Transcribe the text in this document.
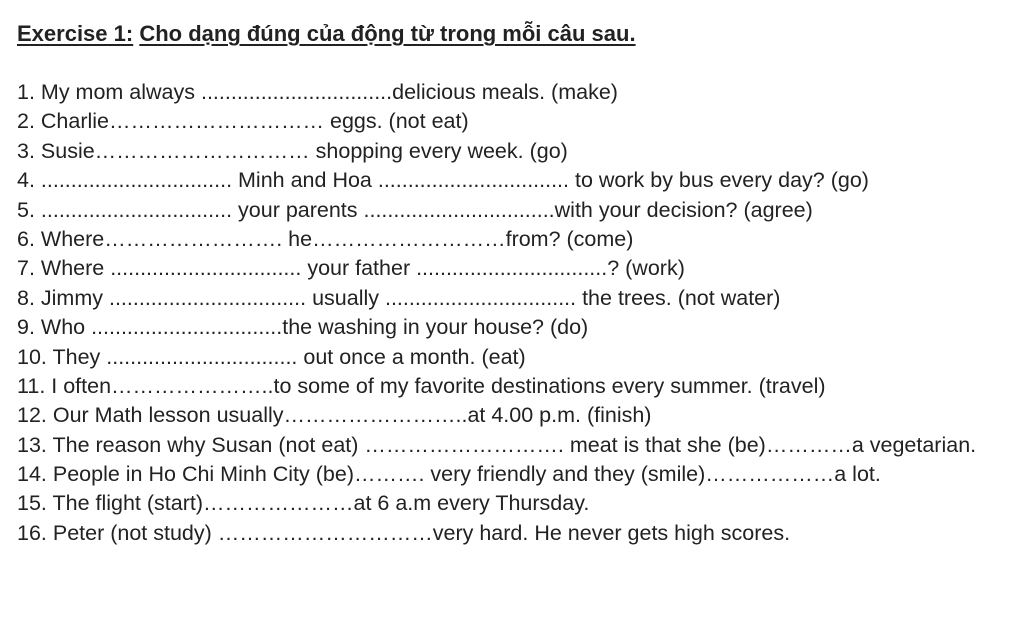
Exercise 1: Cho dạng đúng của động từ trong mỗi câu sau.
1. My mom always ................................delicious meals. (make)
2. Charlie………………………… eggs. (not eat)
3. Susie………………………… shopping every week. (go)
4. ................................ Minh and Hoa ................................ to work by bus every day? (go)
5. ................................ your parents ................................with your decision? (agree)
6. Where……………………. he………………………from? (come)
7. Where ................................ your father ................................? (work)
8. Jimmy ................................. usually ................................ the trees. (not water)
9. Who ................................the washing in your house? (do)
10. They ................................ out once a month. (eat)
11. I often…………………..to some of my favorite destinations every summer. (travel)
12. Our Math lesson usually……………………..at 4.00 p.m. (finish)
13. The reason why Susan (not eat) ………………………. meat is that she (be)…………a vegetarian.
14. People in Ho Chi Minh City (be)………. very friendly and they (smile)………………a lot.
15. The flight (start)…………………at 6 a.m every Thursday.
16. Peter (not study) …………………………very hard. He never gets high scores.
